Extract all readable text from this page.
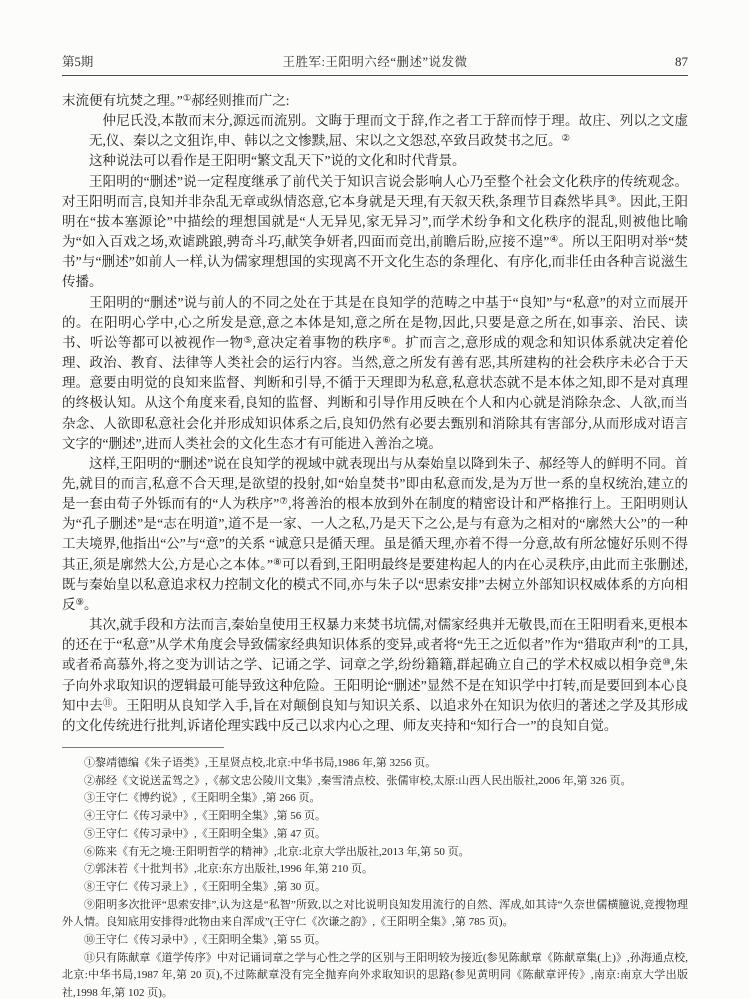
第5期	王胜军:王阳明六经“删述”说发微	87

末流便有坑焚之理。”①郝经则推而广之:

仲尼氏没,本散而末分,源远而流别。文晦于理而文于辞,作之者工于辞而悖于理。故庄、列以之文虚无,仪、秦以之文狙诈,申、韩以之文惨黩,屈、宋以之文怨怼,卒致吕政焚书之厄。②

这种说法可以看作是王阳明“繁文乱天下”说的文化和时代背景。

王阳明的“删述”说一定程度继承了前代关于知识言说会影响人心乃至整个社会文化秩序的传统观念。对王阳明而言,良知并非杂乱无章或纵情恣意,它本身就是天理,有天叙天秩,条理节目森然毕具③。因此,王阳明在“拔本塞源论”中描绘的理想国就是“人无异见,家无异习”,而学术纷争和文化秩序的混乱,则被他比喻为“如入百戏之场,欢谑跳踉,骋奇斗巧,献笑争妍者,四面而竞出,前瞻后盼,应接不遑”④。所以王阳明对举“焚书”与“删述”如前人一样,认为儒家理想国的实现离不开文化生态的条理化、有序化,而非任由各种言说滋生传播。

王阳明的“删述”说与前人的不同之处在于其是在良知学的范畴之中基于“良知”与“私意”的对立而展开的。在阳明心学中,心之所发是意,意之本体是知,意之所在是物,因此,只要是意之所在,如事亲、治民、读书、听讼等都可以被视作一物⑤,意决定着事物的秩序⑥。扩而言之,意形成的观念和知识体系就决定着伦理、政治、教育、法律等人类社会的运行内容。当然,意之所发有善有恶,其所建构的社会秩序未必合于天理。意要由明觉的良知来监督、判断和引导,不循于天理即为私意,私意状态就不是本体之知,即不是对真理的终极认知。从这个角度来看,良知的监督、判断和引导作用反映在个人和内心就是消除杂念、人欲,而当杂念、人欲即私意社会化并形成知识体系之后,良知仍然有必要去甄别和消除其有害部分,从而形成对语言文字的“删述”,进而人类社会的文化生态才有可能进入善治之境。

这样,王阳明的“删述”说在良知学的视域中就表现出与从秦始皇以降到朱子、郝经等人的鲜明不同。首先,就目的而言,私意不合天理,是欲望的投射,如“始皇焚书”即由私意而发,是为万世一系的皇权统治,建立的是一套由荀子外铄而有的“人为秩序”⑦,将善治的根本放到外在制度的精密设计和严格推行上。王阳明则认为“孔子删述”是“志在明道”,道不是一家、一人之私,乃是天下之公,是与有意为之相对的“廓然大公”的一种工夫境界,他指出“公”与“意”的关系 “诚意只是循天理。虽是循天理,亦着不得一分意,故有所忿懥好乐则不得其正,须是廓然大公,方是心之本体。”⑧可以看到,王阳明最终是要建构起人的内在心灵秩序,由此而主张删述,既与秦始皇以私意追求权力控制文化的模式不同,亦与朱子以“思索安排”去树立外部知识权威体系的方向相反⑨。

其次,就手段和方法而言,秦始皇使用王权暴力来焚书坑儒,对儒家经典并无敬畏,而在王阳明看来,更根本的还在于“私意”从学术角度会导致儒家经典知识体系的变异,或者将“先王之近似者”作为“猎取声利”的工具,或者希高慕外,将之变为训诂之学、记诵之学、词章之学,纷纷籍籍,群起确立自己的学术权威以相争竞⑩,朱子向外求取知识的逻辑最可能导致这种危险。王阳明论“删述”显然不是在知识学中打转,而是要回到本心良知中去⑪。王阳明从良知学入手,旨在对颠倒良知与知识关系、以追求外在知识为依归的著述之学及其形成的文化传统进行批判,诉诸伦理实践中反己以求内心之理、师友夹持和“知行合一”的良知自觉。

①黎靖德编《朱子语类》,王星贤点校,北京:中华书局,1986 年,第 3256 页。

②郝经《文说送孟驾之》,《郝文忠公陵川文集》,秦雪清点校、张儒审校,太原:山西人民出版社,2006 年,第 326 页。

③王守仁《博约说》,《王阳明全集》,第 266 页。

④王守仁《传习录中》,《王阳明全集》,第 56 页。

⑤王守仁《传习录中》,《王阳明全集》,第 47 页。

⑥陈来《有无之境:王阳明哲学的精神》,北京:北京大学出版社,2013 年,第 50 页。

⑦郭沫若《十批判书》,北京:东方出版社,1996 年,第 210 页。

⑧王守仁《传习录上》,《王阳明全集》,第 30 页。

⑨阳明多次批评“思索安排”,认为这是“私智”所致,以之对比说明良知发用流行的自然、浑成,如其诗“久奈世儒横臆说,竞搜物理外人情。良知底用安排得?此物由来自浑成”(王守仁《次谦之韵》,《王阳明全集》,第 785 页)。

⑩王守仁《传习录中》,《王阳明全集》,第 55 页。

⑪只有陈献章《道学传序》中对记诵词章之学与心性之学的区别与王阳明较为接近(参见陈献章《陈献章集(上)》,孙海通点校,北京:中华书局,1987 年,第 20 页),不过陈献章没有完全抛弃向外求取知识的思路(参见黄明同《陈献章评传》,南京:南京大学出版社,1998 年,第 102 页)。
